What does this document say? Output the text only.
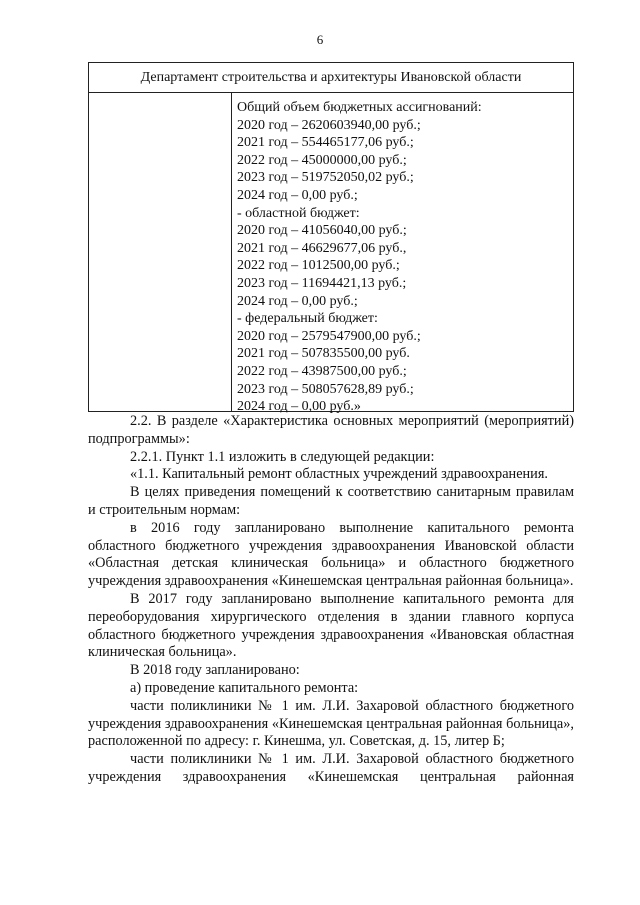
6
Департамент строительства и архитектуры Ивановской области
Общий объем бюджетных ассигнований:
2020 год – 2620603940,00 руб.;
2021 год – 554465177,06 руб.;
2022 год – 45000000,00 руб.;
2023 год – 519752050,02 руб.;
2024 год – 0,00 руб.;
- областной бюджет:
2020 год – 41056040,00 руб.;
2021 год – 46629677,06 руб.,
2022 год – 1012500,00 руб.;
2023 год – 11694421,13 руб.;
2024 год – 0,00 руб.;
- федеральный бюджет:
2020 год – 2579547900,00 руб.;
2021 год – 507835500,00 руб.
2022 год – 43987500,00 руб.;
2023 год – 508057628,89 руб.;
2024 год – 0,00 руб.»
2.2. В разделе «Характеристика основных мероприятий (мероприятий) подпрограммы»:
2.2.1. Пункт 1.1 изложить в следующей редакции:
«1.1. Капитальный ремонт областных учреждений здравоохранения.
В целях приведения помещений к соответствию санитарным правилам и строительным нормам:
в 2016 году запланировано выполнение капитального ремонта областного бюджетного учреждения здравоохранения Ивановской области «Областная детская клиническая больница» и областного бюджетного учреждения здравоохранения «Кинешемская центральная районная больница».
В 2017 году запланировано выполнение капитального ремонта для переоборудования хирургического отделения в здании главного корпуса областного бюджетного учреждения здравоохранения «Ивановская областная клиническая больница».
В 2018 году запланировано:
а) проведение капитального ремонта:
части поликлиники № 1 им. Л.И. Захаровой областного бюджетного учреждения здравоохранения «Кинешемская центральная районная больница», расположенной по адресу: г. Кинешма, ул. Советская, д. 15, литер Б;
части поликлиники № 1 им. Л.И. Захаровой областного бюджетного учреждения здравоохранения «Кинешемская центральная районная
